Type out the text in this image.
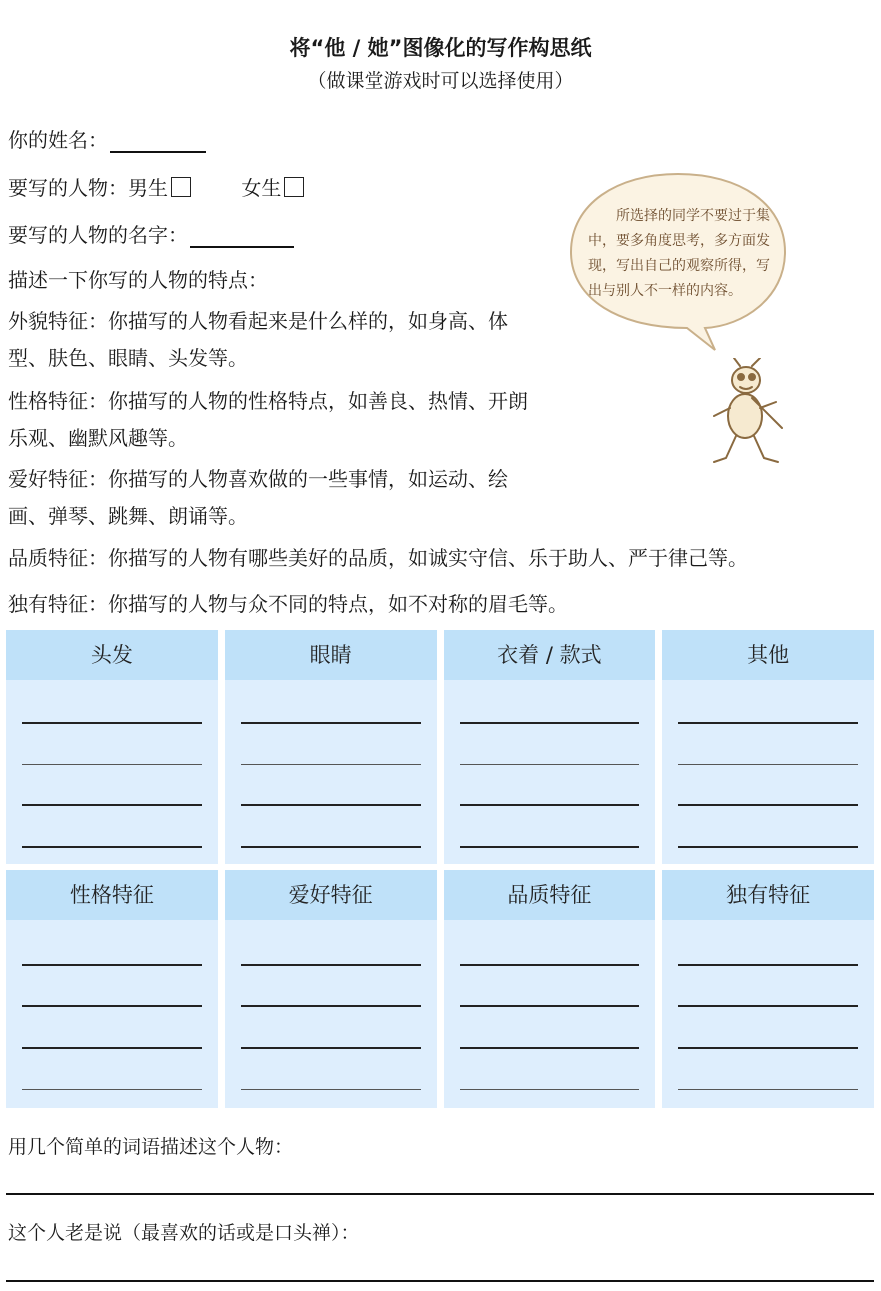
将“他 / 她”图像化的写作构思纸
（做课堂游戏时可以选择使用）
你的姓名：
要写的人物：男生	女生
要写的人物的名字：
描述一下你写的人物的特点：
外貌特征：你描写的人物看起来是什么样的，如身高、体型、肤色、眼睛、头发等。
性格特征：你描写的人物的性格特点，如善良、热情、开朗乐观、幽默风趣等。
爱好特征：你描写的人物喜欢做的一些事情，如运动、绘画、弹琴、跳舞、朗诵等。
品质特征：你描写的人物有哪些美好的品质，如诚实守信、乐于助人、严于律己等。
独有特征：你描写的人物与众不同的特点，如不对称的眉毛等。
所选择的同学不要过于集中，要多角度思考，多方面发现，写出自己的观察所得，写出与别人不一样的内容。
头发	眼睛	衣着 / 款式	其他
性格特征	爱好特征	品质特征	独有特征
用几个简单的词语描述这个人物：
这个人老是说（最喜欢的话或是口头禅）：
